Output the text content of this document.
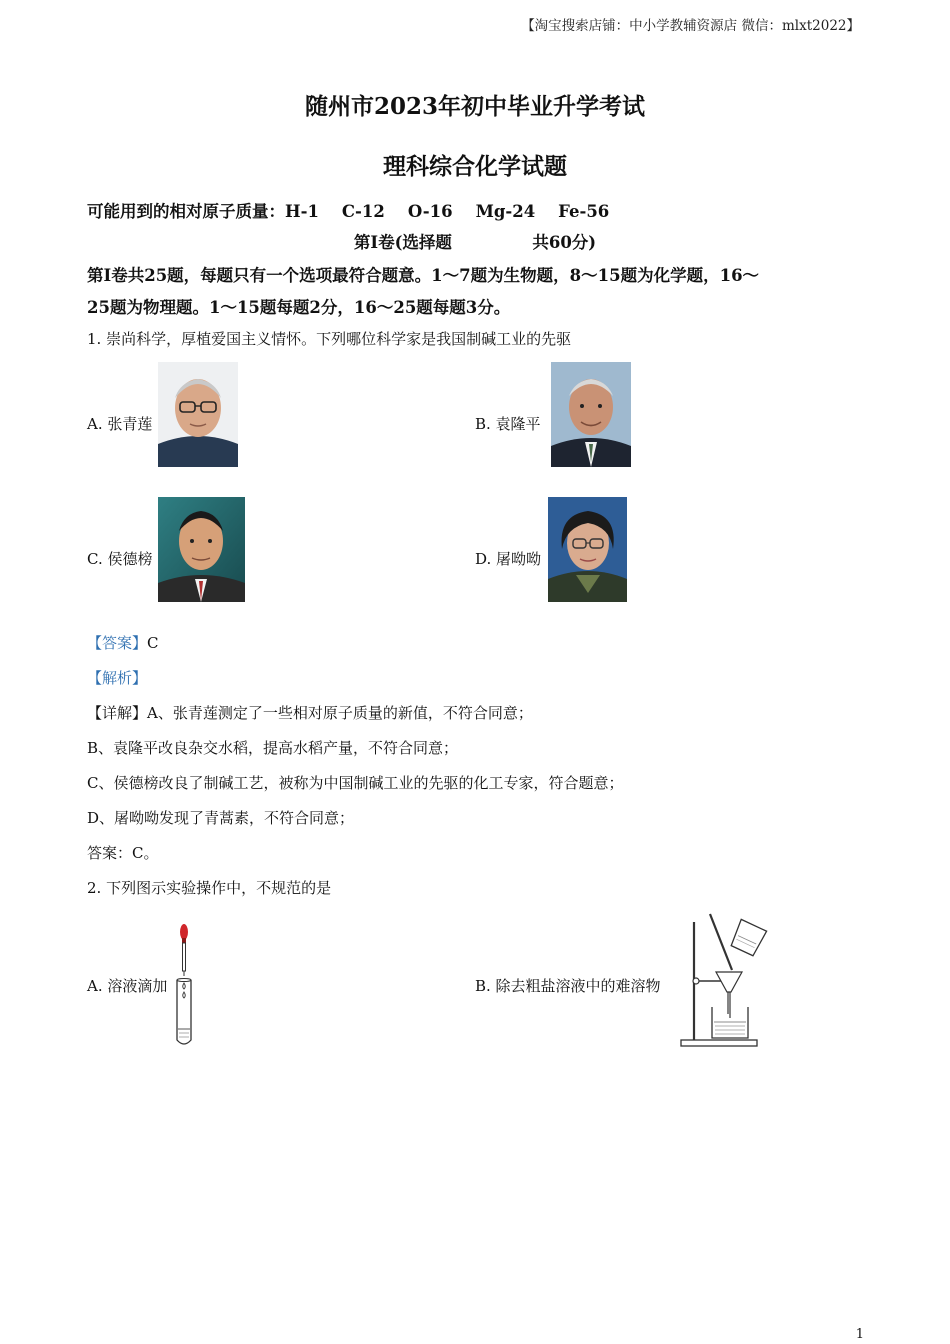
【淘宝搜索店铺：中小学教辅资源店 微信：mlxt2022】
随州市2023年初中毕业升学考试
理科综合化学试题
可能用到的相对原子质量：H-1    C-12    O-16    Mg-24    Fe-56
第Ⅰ卷(选择题              共60分)
第Ⅰ卷共25题，每题只有一个选项最符合题意。1～7题为生物题，8～15题为化学题，16～
25题为物理题。1～15题每题2分，16～25题每题3分。
1. 崇尚科学，厚植爱国主义情怀。下列哪位科学家是我国制碱工业的先驱
A. 张青莲	B. 袁隆平
C. 侯德榜	D. 屠呦呦
【答案】C
【解析】
【详解】A、张青莲测定了一些相对原子质量的新值，不符合同意；
B、袁隆平改良杂交水稻，提高水稻产量，不符合同意；
C、侯德榜改良了制碱工艺，被称为中国制碱工业的先驱的化工专家，符合题意；
D、屠呦呦发现了青蒿素，不符合同意；
答案：C。
2. 下列图示实验操作中，不规范的是
A. 溶液滴加	B. 除去粗盐溶液中的难溶物
1
